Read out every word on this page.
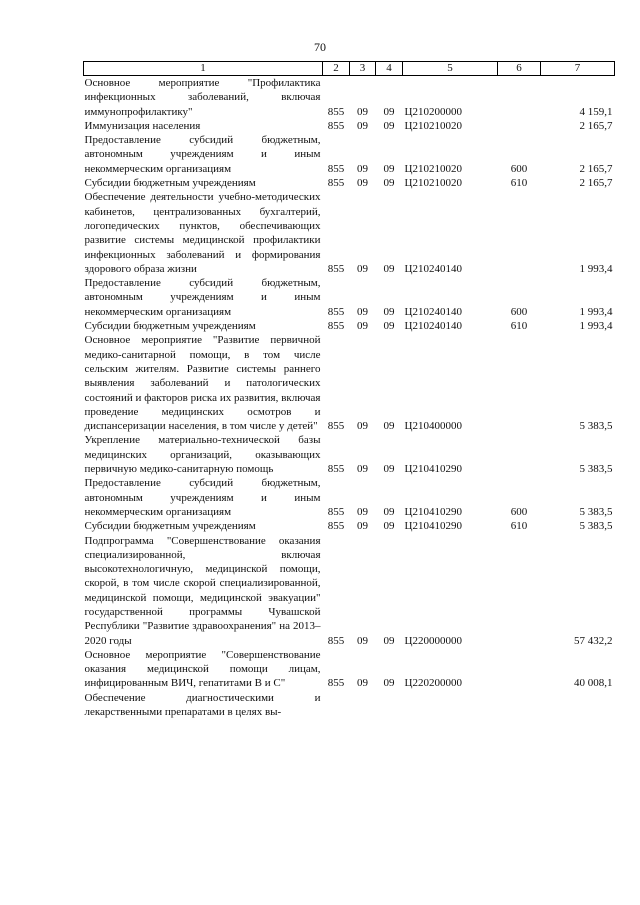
70
1	2	3	4	5	6	7
Основное мероприятие "Профилактика инфекционных заболеваний, включая иммунопрофилактику"	855	09	09	Ц210200000		4 159,1
Иммунизация населения	855	09	09	Ц210210020		2 165,7
Предоставление субсидий бюджетным, автономным учреждениям и иным некоммерческим организациям	855	09	09	Ц210210020	600	2 165,7
Субсидии бюджетным учреждениям	855	09	09	Ц210210020	610	2 165,7
Обеспечение деятельности учебно-методических кабинетов, централизованных бухгалтерий, логопедических пунктов, обеспечивающих развитие системы медицинской профилактики инфекционных заболеваний и формирования здорового образа жизни	855	09	09	Ц210240140		1 993,4
Предоставление субсидий бюджетным, автономным учреждениям и иным некоммерческим организациям	855	09	09	Ц210240140	600	1 993,4
Субсидии бюджетным учреждениям	855	09	09	Ц210240140	610	1 993,4
Основное мероприятие "Развитие первичной медико-санитарной помощи, в том числе сельским жителям. Развитие системы раннего выявления заболеваний и патологических состояний и факторов риска их развития, включая проведение медицинских осмотров и диспансеризации населения, в том числе у детей"	855	09	09	Ц210400000		5 383,5
Укрепление материально-технической базы медицинских организаций, оказывающих первичную медико-санитарную помощь	855	09	09	Ц210410290		5 383,5
Предоставление субсидий бюджетным, автономным учреждениям и иным некоммерческим организациям	855	09	09	Ц210410290	600	5 383,5
Субсидии бюджетным учреждениям	855	09	09	Ц210410290	610	5 383,5
Подпрограмма "Совершенствование оказания специализированной, включая высокотехнологичную, медицинской помощи, скорой, в том числе скорой специализированной, медицинской помощи, медицинской эвакуации" государственной программы Чувашской Республики "Развитие здравоохранения" на 2013–2020 годы	855	09	09	Ц220000000		57 432,2
Основное мероприятие "Совершенствование оказания медицинской помощи лицам, инфицированным ВИЧ, гепатитами В и С"	855	09	09	Ц220200000		40 008,1
Обеспечение диагностическими и лекарственными препаратами в целях вы-						
